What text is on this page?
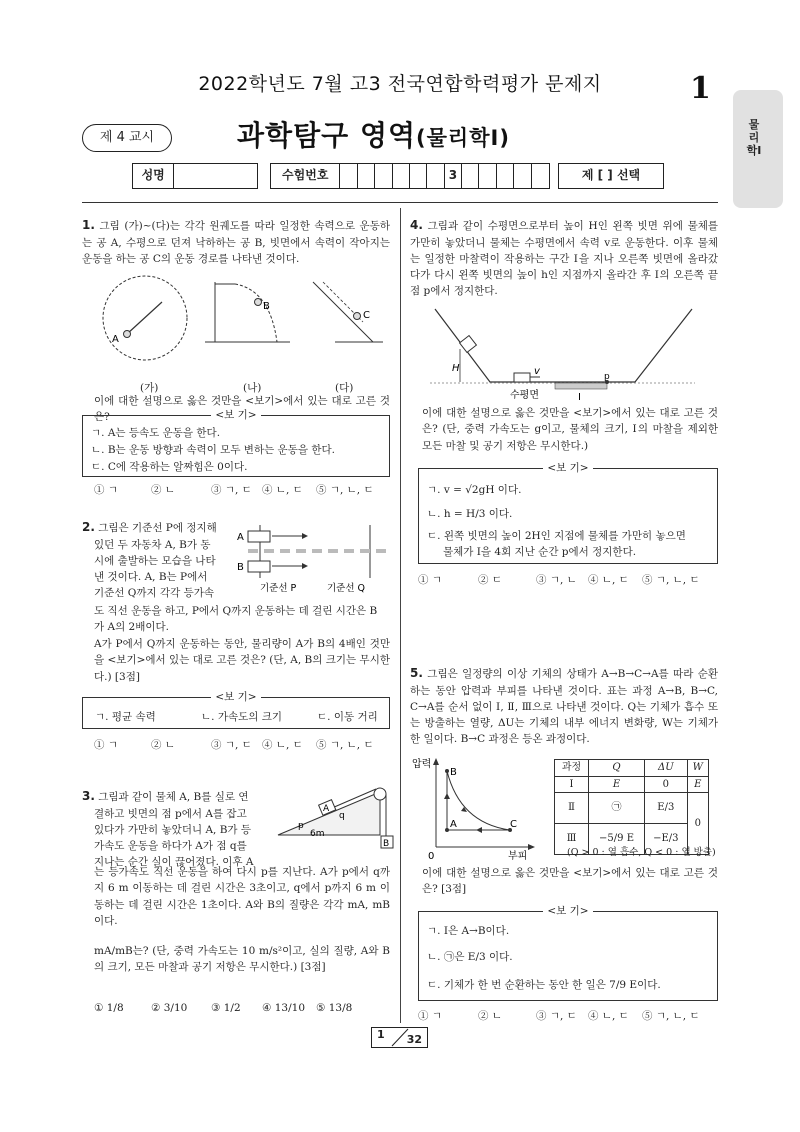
2022학년도 7월 고3 전국연합학력평가 문제지	1
물리학Ⅰ
제 4 교시	과학탐구 영역(물리학Ⅰ)
성명	수험번호	3	제 [ ] 선택
1. 그림 (가)~(다)는 각각 원궤도를 따라 일정한 속력으로 운동하는 공 A, 수평으로 던져 낙하하는 공 B, 빗면에서 속력이 작아지는 운동을 하는 공 C의 운동 경로를 나타낸 것이다.
A
B
C
(가)	(나)	(다)
이에 대한 설명으로 옳은 것만을 <보기>에서 있는 대로 고른 것은?	<보 기>
ㄱ. A는 등속도 운동을 한다.
ㄴ. B는 운동 방향과 속력이 모두 변하는 운동을 한다.
ㄷ. C에 작용하는 알짜힘은 0이다.
① ㄱ	② ㄴ	③ ㄱ, ㄷ ④ ㄴ, ㄷ ⑤ ㄱ, ㄴ, ㄷ
2. 그림은 기준선 P에 정지해
있던 두 자동차 A, B가 동
시에 출발하는 모습을 나타
낸 것이다. A, B는 P에서
기준선 Q까지 각각 등가속
도 직선 운동을 하고, P에서 Q까지 운동하는 데 걸린 시간은 B
가 A의 2배이다.
A
B
기준선 P	기준선 Q
A가 P에서 Q까지 운동하는 동안, 물리량이 A가 B의 4배인 것만을 <보기>에서 있는 대로 고른 것은? (단, A, B의 크기는 무시한다.) [3점]
<보 기>
ㄱ. 평균 속력	ㄴ. 가속도의 크기	ㄷ. 이동 거리
① ㄱ	② ㄴ	③ ㄱ, ㄷ ④ ㄴ, ㄷ ⑤ ㄱ, ㄴ, ㄷ
3. 그림과 같이 물체 A, B를 실로 연
결하고 빗면의 점 p에서 A를 잡고
있다가 가만히 놓았더니 A, B가 등
가속도 운동을 하다가 A가 점 q를
지나는 순간 실이 끊어졌다. 이후 A
B
A
p
q
6m
는 등가속도 직선 운동을 하여 다시 p를 지난다. A가 p에서 q까지 6 m 이동하는 데 걸린 시간은 3초이고, q에서 p까지 6 m 이동하는 데 걸린 시간은 1초이다. A와 B의 질량은 각각 mA, mB이다.
mA/mB는? (단, 중력 가속도는 10 m/s²이고, 실의 질량, A와 B의 크기, 모든 마찰과 공기 저항은 무시한다.) [3점]
① 1/8	② 3/10 ③ 1/2 ④ 13/10 ⑤ 13/8
4. 그림과 같이 수평면으로부터 높이 H인 왼쪽 빗면 위에 물체를 가만히 놓았더니 물체는 수평면에서 속력 v로 운동한다. 이후 물체는 일정한 마찰력이 작용하는 구간 Ⅰ을 지나 오른쪽 빗면에 올라갔다가 다시 왼쪽 빗면의 높이 h인 지점까지 올라간 후 Ⅰ의 오른쪽 끝 점 p에서 정지한다.
H	v	p
수평면	Ⅰ
이에 대한 설명으로 옳은 것만을 <보기>에서 있는 대로 고른 것은? (단, 중력 가속도는 g이고, 물체의 크기, Ⅰ의 마찰을 제외한 모든 마찰 및 공기 저항은 무시한다.)
<보 기>
ㄱ. v = √2gH 이다.
ㄴ. h = H/3 이다.
ㄷ. 왼쪽 빗면의 높이 2H인 지점에 물체를 가만히 놓으면
물체가 Ⅰ을 4회 지난 순간 p에서 정지한다.
① ㄱ	② ㄷ	③ ㄱ, ㄴ ④ ㄴ, ㄷ ⑤ ㄱ, ㄴ, ㄷ
5. 그림은 일정량의 이상 기체의 상태가 A→B→C→A를 따라 순환하는 동안 압력과 부피를 나타낸 것이다. 표는 과정 A→B, B→C, C→A를 순서 없이 Ⅰ, Ⅱ, Ⅲ으로 나타낸 것이다. Q는 기체가 흡수 또는 방출하는 열량, ΔU는 기체의 내부 에너지 변화량, W는 기체가 한 일이다. B→C 과정은 등온 과정이다.
압력
부피
0
A
B
C
과정	Q	ΔU	W
Ⅰ	E	0	E
Ⅱ	㉠	E/3	0
Ⅲ	−5/9 E	−E/3	
(Q > 0 : 열 흡수, Q < 0 : 열 방출)
이에 대한 설명으로 옳은 것만을 <보기>에서 있는 대로 고른 것은? [3점]
<보 기>
ㄱ. Ⅰ은 A→B이다.
ㄴ. ㉠은 E/3 이다.
ㄷ. 기체가 한 번 순환하는 동안 한 일은 7/9 E이다.
① ㄱ	② ㄴ	③ ㄱ, ㄷ ④ ㄴ, ㄷ ⑤ ㄱ, ㄴ, ㄷ
1 32
